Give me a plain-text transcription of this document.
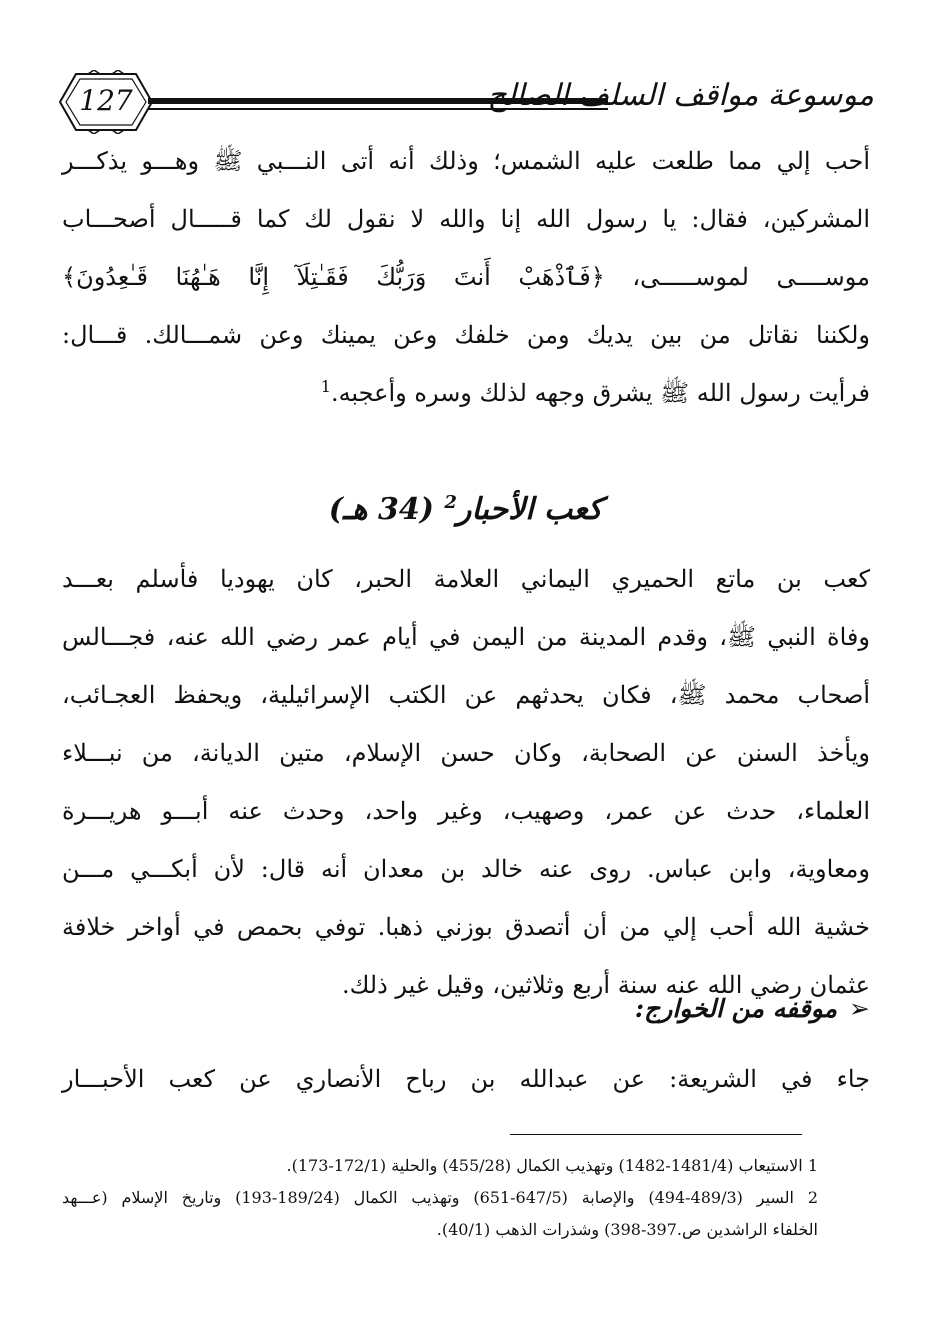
127	موسوعة مواقف السلف الصالح
أحب إلي مما طلعت عليه الشمس؛ وذلك أنه أتى النـــبي ﷺ وهـــو يذكـــر
المشركين، فقال: يا رسول الله إنا والله لا نقول لك كما قـــــال أصحـــاب
موســــى لموســـــى، ﴿فَٱذْهَبْ أَنتَ وَرَبُّكَ فَقَـٰتِلَآ إِنَّا هَـٰهُنَا قَـٰعِدُونَ﴾
ولكننا نقاتل من بين يديك ومن خلفك وعن يمينك وعن شمـــالك. قـــال:
فرأيت رسول الله ﷺ يشرق وجهه لذلك وسره وأعجبه.$^1$
كعب الأحبار$^2$ (34 هـ)
كعب بن ماتع الحميري اليماني العلامة الحبر، كان يهوديا فأسلم بعـــد
وفاة النبي ﷺ، وقدم المدينة من اليمن في أيام عمر رضي الله عنه، فجـــالس
أصحاب محمد ﷺ، فكان يحدثهم عن الكتب الإسرائيلية، ويحفظ العجـائب،
ويأخذ السنن عن الصحابة، وكان حسن الإسلام، متين الديانة، من نبـــلاء
العلماء، حدث عن عمر، وصهيب، وغير واحد، وحدث عنه أبـــو هريـــرة
ومعاوية، وابن عباس. روى عنه خالد بن معدان أنه قال: لأن أبكـــي مـــن
خشية الله أحب إلي من أن أتصدق بوزني ذهبا. توفي بحمص في أواخر خلافة
عثمان رضي الله عنه سنة أربع وثلاثين، وقيل غير ذلك.
➢موقفه من الخوارج:
جاء في الشريعة: عن عبدالله بن رباح الأنصاري عن كعب الأحبـــار
1 الاستيعاب (1481/4-1482) وتهذيب الكمال (455/28) والحلية (172/1-173).
2 السير (489/3-494) والإصابة (647/5-651) وتهذيب الكمال (189/24-193) وتاريخ الإسلام (عـــهد
الخلفاء الراشدين ص.397-398) وشذرات الذهب (40/1).
